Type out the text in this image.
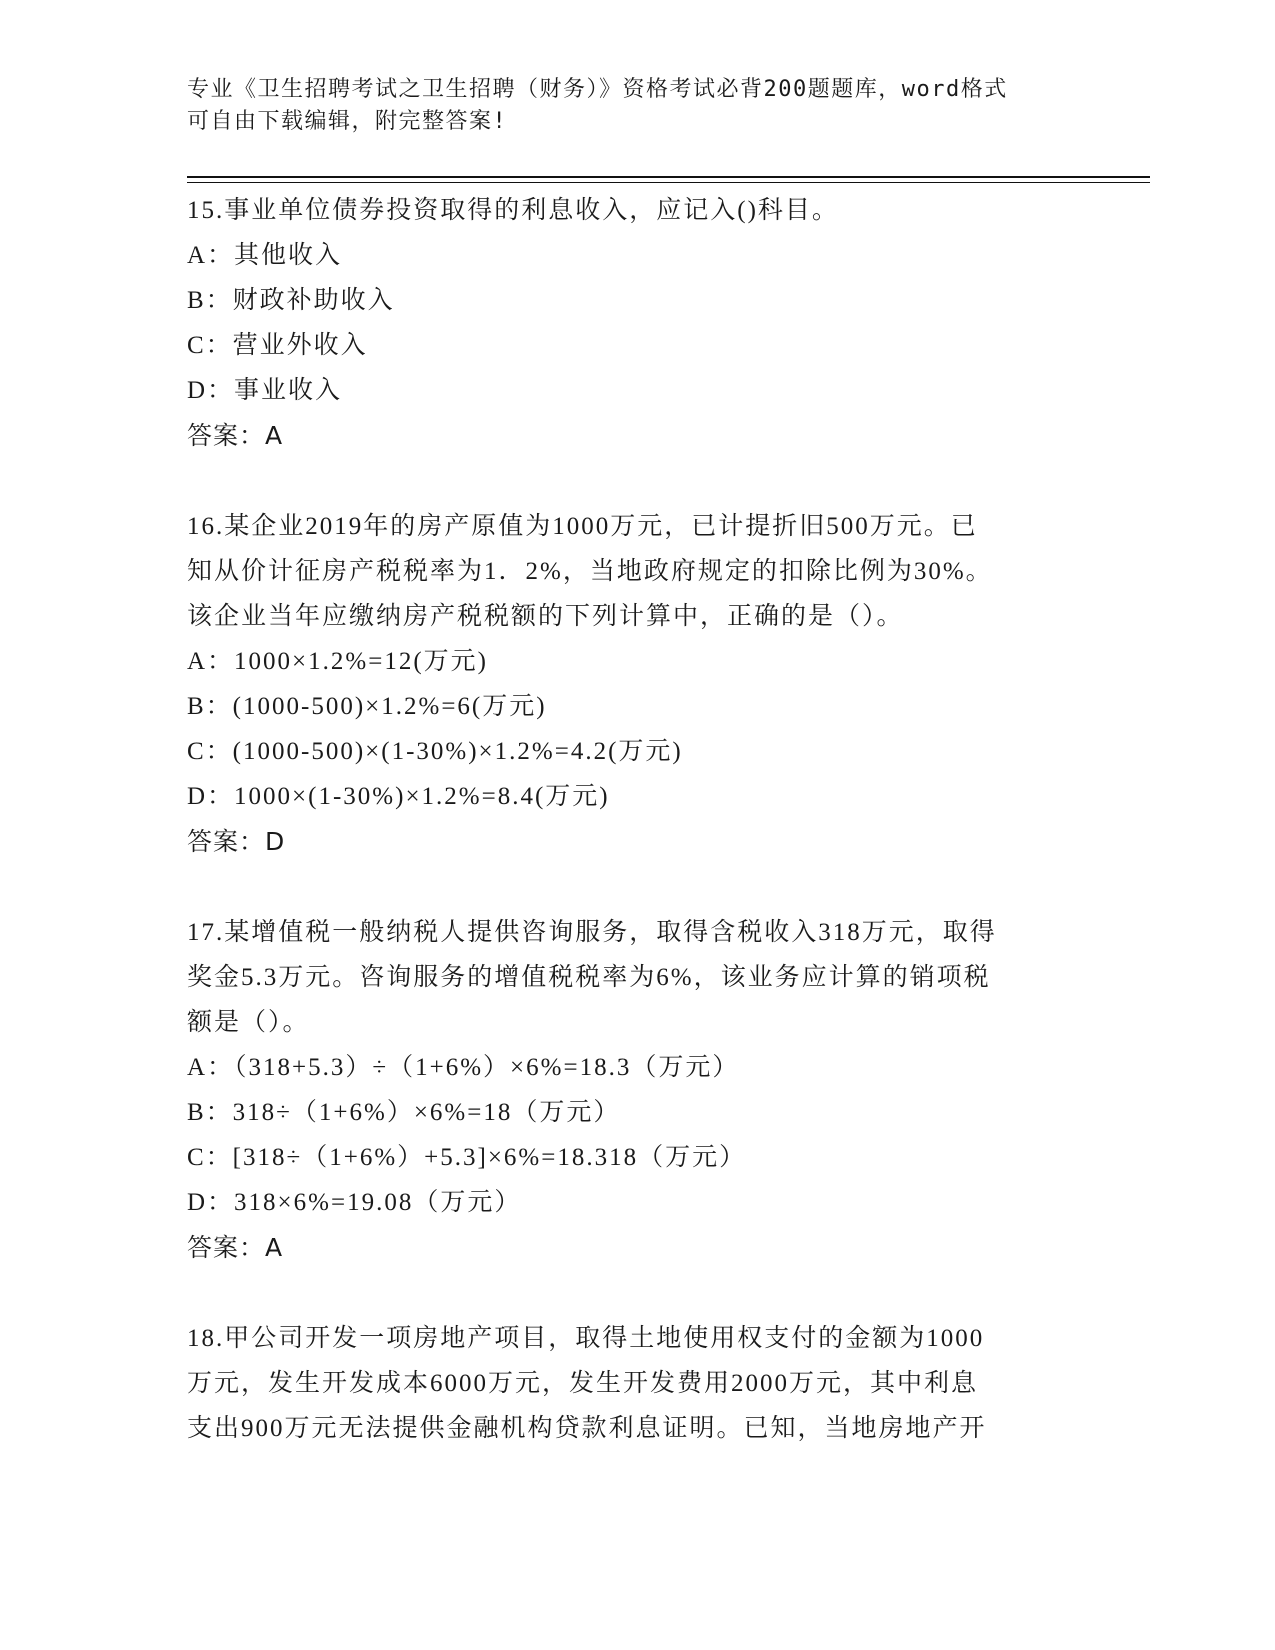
专业《卫生招聘考试之卫生招聘（财务）》资格考试必背200题题库，word格式
可自由下载编辑，附完整答案!
15.事业单位债券投资取得的利息收入，应记入()科目。
A：其他收入
B：财政补助收入
C：营业外收入
D：事业收入
答案：A
16.某企业2019年的房产原值为1000万元，已计提折旧500万元。已
知从价计征房产税税率为1．2%，当地政府规定的扣除比例为30%。
该企业当年应缴纳房产税税额的下列计算中，正确的是（）。
A：1000×1.2%=12(万元)
B：(1000-500)×1.2%=6(万元)
C：(1000-500)×(1-30%)×1.2%=4.2(万元)
D：1000×(1-30%)×1.2%=8.4(万元)
答案：D
17.某增值税一般纳税人提供咨询服务，取得含税收入318万元，取得
奖金5.3万元。咨询服务的增值税税率为6%，该业务应计算的销项税
额是（）。
A：（318+5.3）÷（1+6%）×6%=18.3（万元）
B：318÷（1+6%）×6%=18（万元）
C：[318÷（1+6%）+5.3]×6%=18.318（万元）
D：318×6%=19.08（万元）
答案：A
18.甲公司开发一项房地产项目，取得土地使用权支付的金额为1000
万元，发生开发成本6000万元，发生开发费用2000万元，其中利息
支出900万元无法提供金融机构贷款利息证明。已知，当地房地产开
